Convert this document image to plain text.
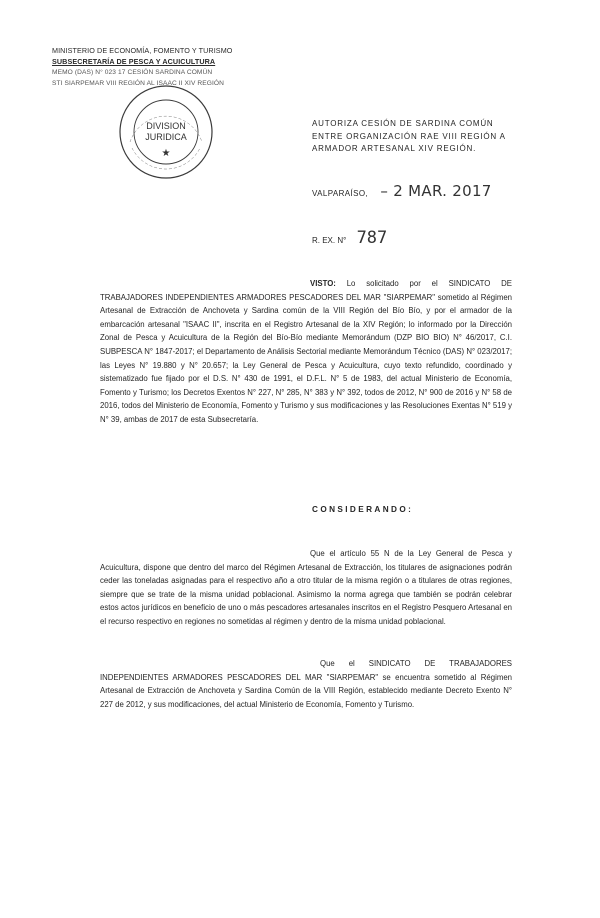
MINISTERIO DE ECONOMÍA, FOMENTO Y TURISMO
SUBSECRETARÍA DE PESCA Y ACUICULTURA
MEMO (DAS) N° 023 17 CESIÓN SARDINA COMÚN
STI SIARPEMAR VIII REGIÓN AL ISAAC II XIV REGIÓN
DIVISION
JURIDICA
★
AUTORIZA CESIÓN DE SARDINA COMÚN ENTRE ORGANIZACIÓN RAE VIII REGIÓN A ARMADOR ARTESANAL XIV REGIÓN.
VALPARAÍSO, – 2 MAR. 2017
R. EX. N° 787
VISTO: Lo solicitado por el SINDICATO DE TRABAJADORES INDEPENDIENTES ARMADORES PESCADORES DEL MAR "SIARPEMAR" sometido al Régimen Artesanal de Extracción de Anchoveta y Sardina común de la VIII Región del Bío Bío, y por el armador de la embarcación artesanal "ISAAC II", inscrita en el Registro Artesanal de la XIV Región; lo informado por la Dirección Zonal de Pesca y Acuicultura de la Región del Bío-Bío mediante Memorándum (DZP BIO BIO) N° 46/2017, C.I. SUBPESCA N° 1847-2017; el Departamento de Análisis Sectorial mediante Memorándum Técnico (DAS) N° 023/2017; las Leyes N° 19.880 y N° 20.657; la Ley General de Pesca y Acuicultura, cuyo texto refundido, coordinado y sistematizado fue fijado por el D.S. N° 430 de 1991, el D.F.L. N° 5 de 1983, del actual Ministerio de Economía, Fomento y Turismo; los Decretos Exentos N° 227, N° 285, N° 383 y N° 392, todos de 2012, N° 900 de 2016 y N° 58 de 2016, todos del Ministerio de Economía, Fomento y Turismo y sus modificaciones y las Resoluciones Exentas N° 519 y N° 39, ambas de 2017 de esta Subsecretaría.
CONSIDERANDO:
Que el artículo 55 N de la Ley General de Pesca y Acuicultura, dispone que dentro del marco del Régimen Artesanal de Extracción, los titulares de asignaciones podrán ceder las toneladas asignadas para el respectivo año a otro titular de la misma región o a titulares de otras regiones, siempre que se trate de la misma unidad poblacional. Asimismo la norma agrega que también se podrán celebrar estos actos jurídicos en beneficio de uno o más pescadores artesanales inscritos en el Registro Pesquero Artesanal en el recurso respectivo en regiones no sometidas al régimen y dentro de la misma unidad poblacional.
Que el SINDICATO DE TRABAJADORES INDEPENDIENTES ARMADORES PESCADORES DEL MAR "SIARPEMAR" se encuentra sometido al Régimen Artesanal de Extracción de Anchoveta y Sardina Común de la VIII Región, establecido mediante Decreto Exento N° 227 de 2012, y sus modificaciones, del actual Ministerio de Economía, Fomento y Turismo.
